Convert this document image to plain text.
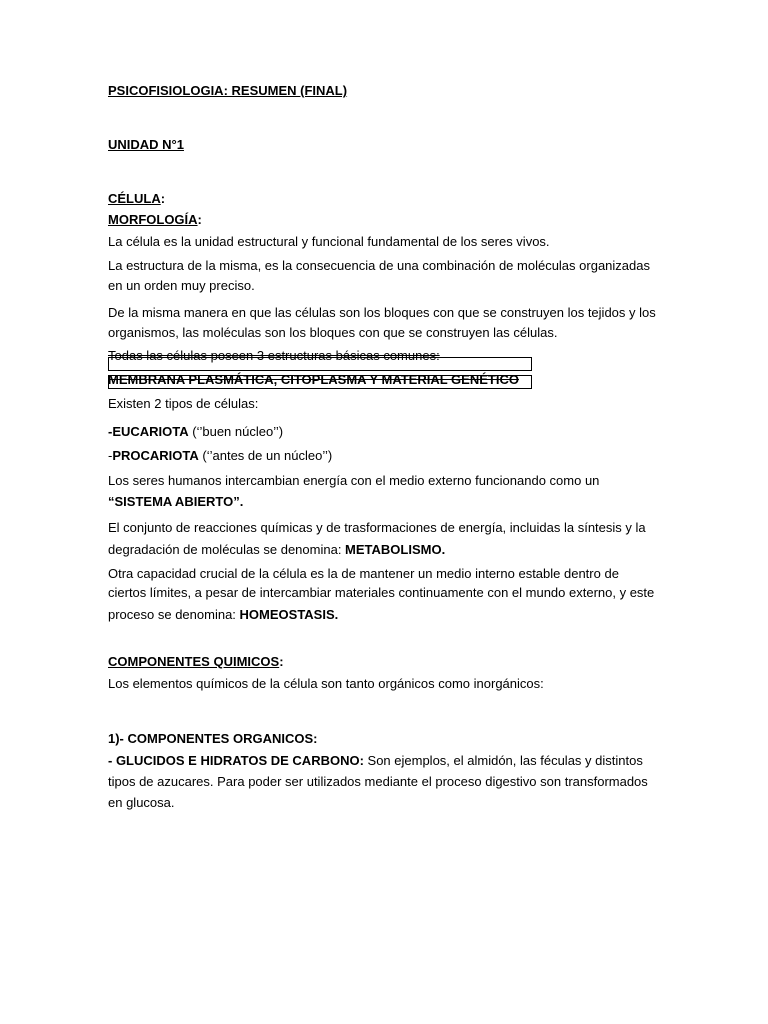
PSICOFISIOLOGIA: RESUMEN (FINAL)
UNIDAD N°1
CÉLULA:
MORFOLOGÍA:
La célula es la unidad estructural y funcional fundamental de los seres vivos.
La estructura de la misma, es la consecuencia de una combinación de moléculas organizadas
en un orden muy preciso.
De la misma manera en que las células son los bloques con que se construyen los tejidos y los
organismos, las moléculas son los bloques con que se construyen las células.
Todas las células poseen 3 estructuras básicas comunes:
MEMBRANA PLASMÁTICA, CITOPLASMA Y MATERIAL GENÉTICO
Existen 2 tipos de células:
-EUCARIOTA (‘’buen núcleo’’)
-PROCARIOTA (‘’antes de un núcleo’’)
Los seres humanos intercambian energía con el medio externo funcionando como un
“SISTEMA ABIERTO”.
El conjunto de reacciones químicas y de trasformaciones de energía, incluidas la síntesis y la
degradación de moléculas se denomina: METABOLISMO.
Otra capacidad crucial de la célula es la de mantener un medio interno estable dentro de
ciertos límites, a pesar de intercambiar materiales continuamente con el mundo externo, y este
proceso se denomina: HOMEOSTASIS.
COMPONENTES QUIMICOS:
Los elementos químicos de la célula son tanto orgánicos como inorgánicos:
1)- COMPONENTES ORGANICOS:
- GLUCIDOS E HIDRATOS DE CARBONO: Son ejemplos, el almidón, las féculas y distintos
tipos de azucares. Para poder ser utilizados mediante el proceso digestivo son transformados
en glucosa.
